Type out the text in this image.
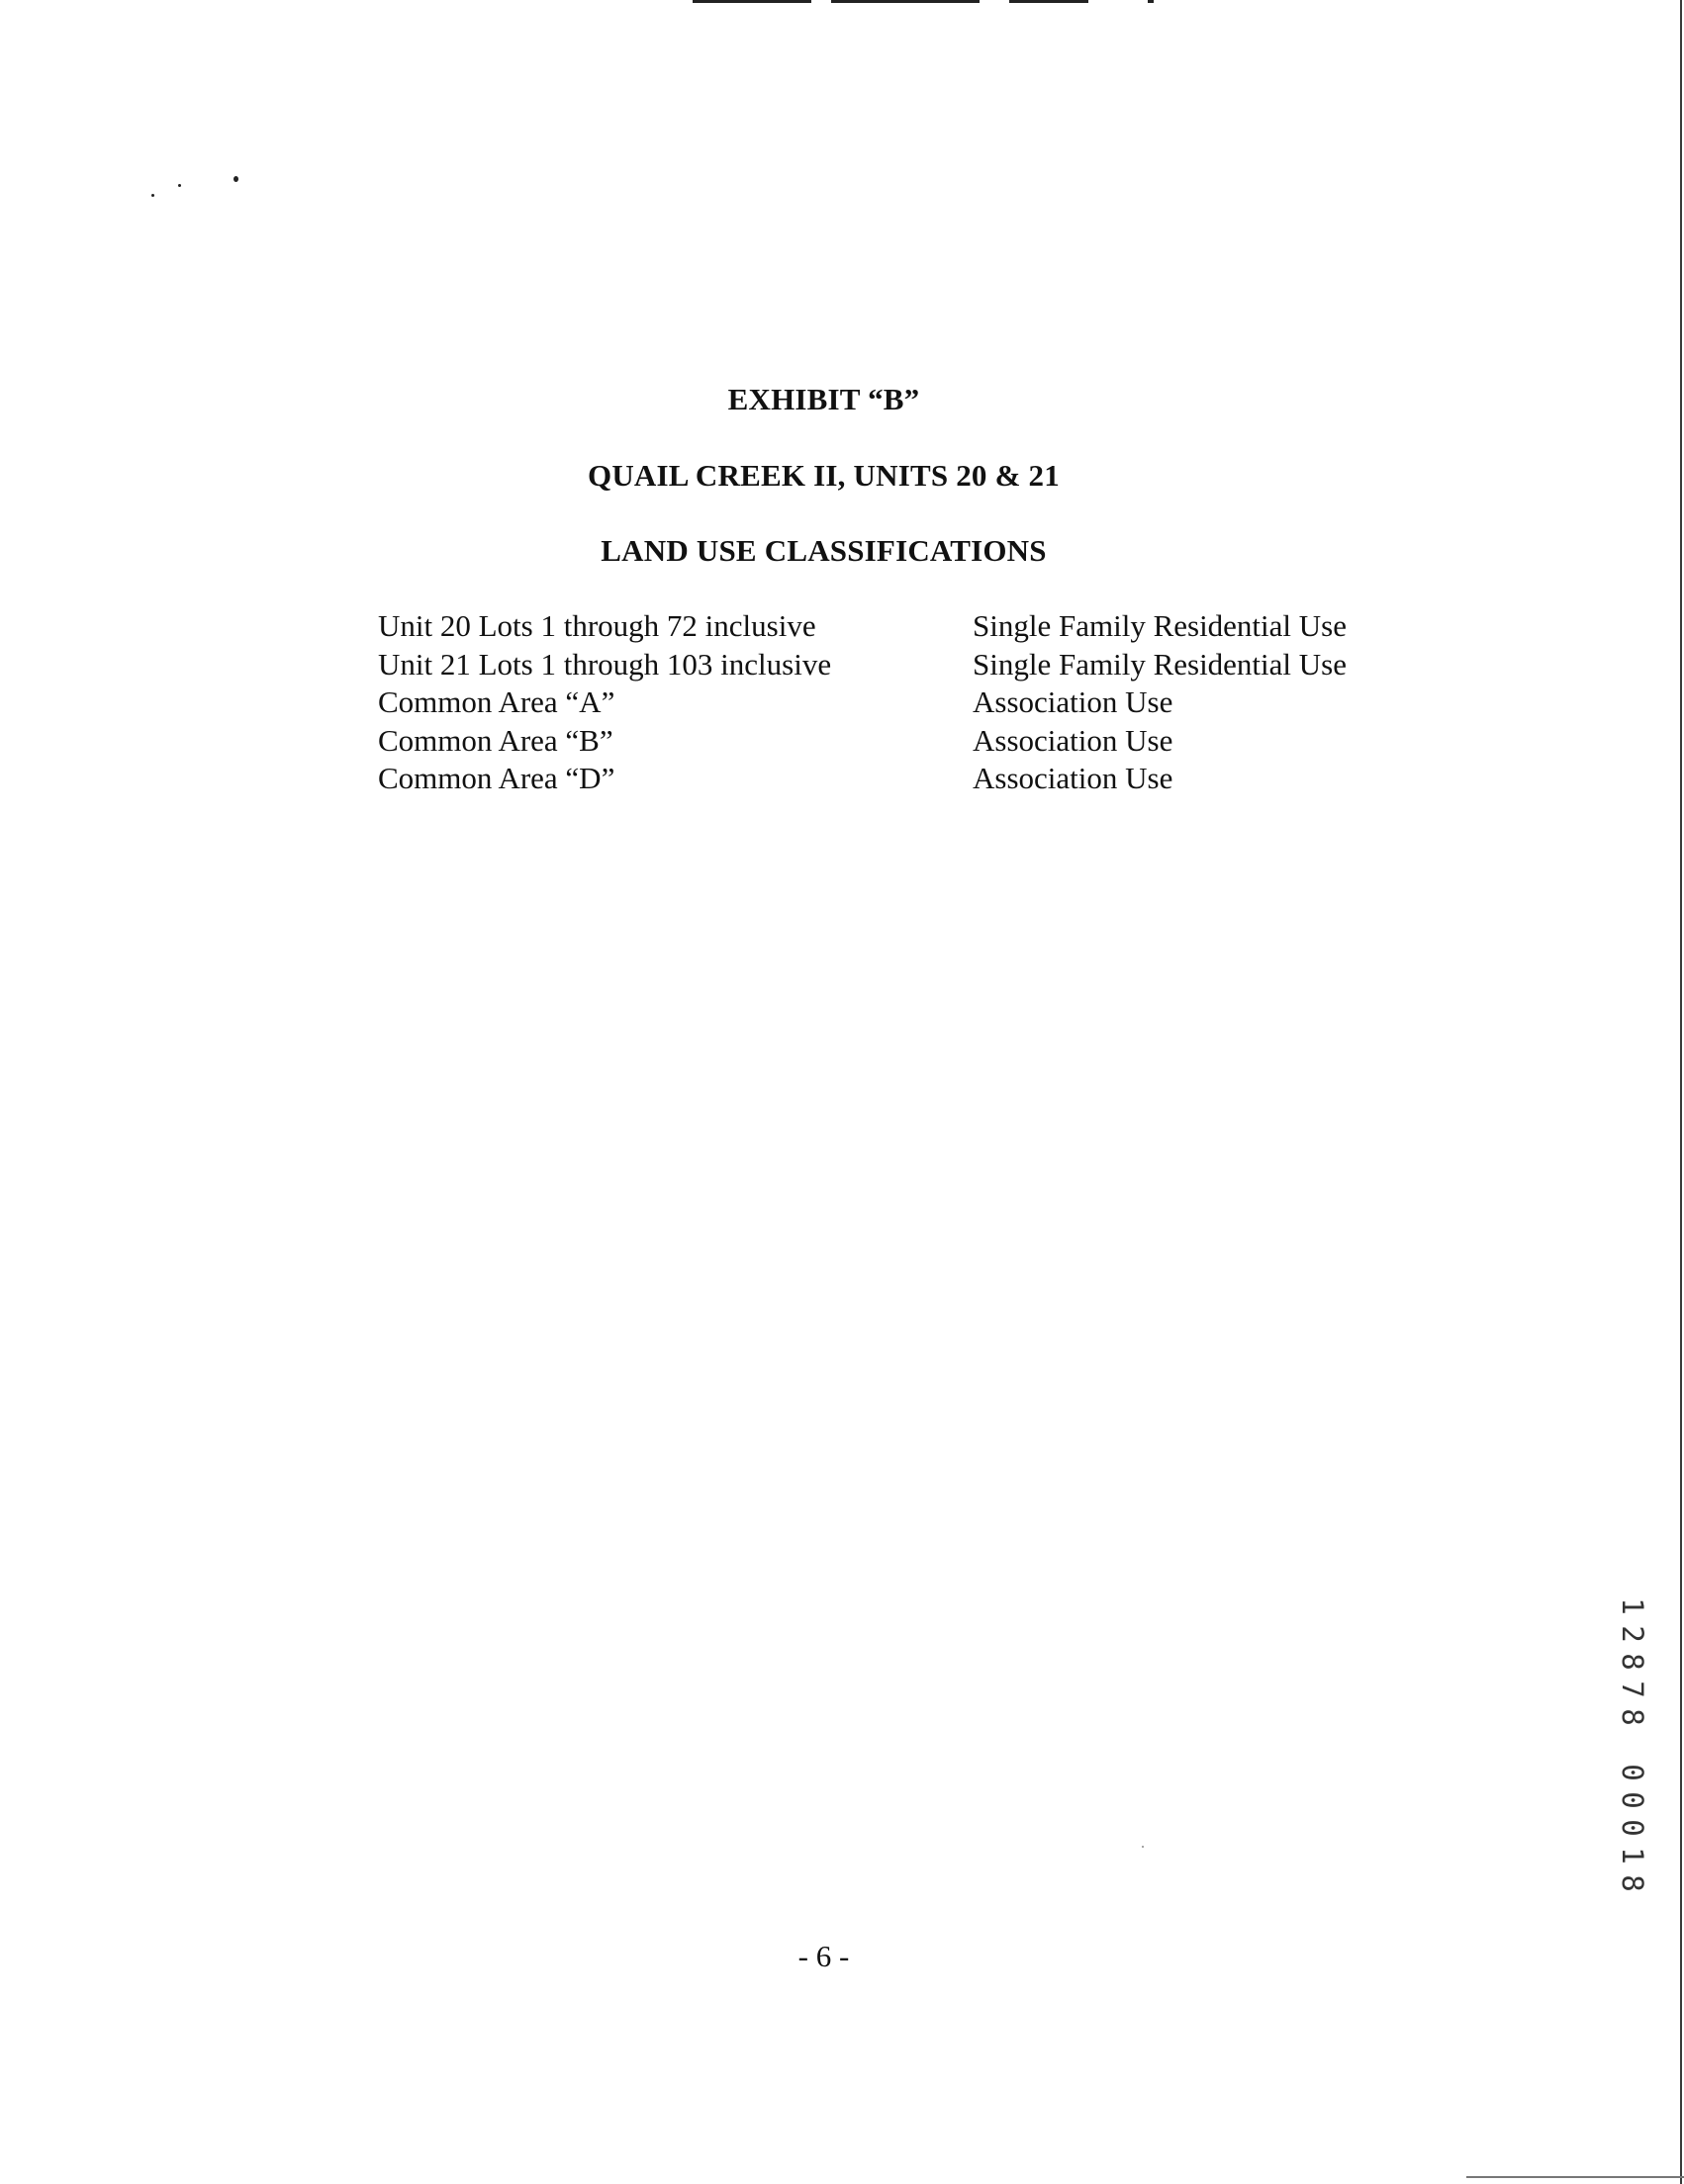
EXHIBIT “B”
QUAIL CREEK II, UNITS 20 & 21
LAND USE CLASSIFICATIONS
Unit 20 Lots 1 through 72 inclusive	Single Family Residential Use
Unit 21 Lots 1 through 103 inclusive	Single Family Residential Use
Common Area “A”	Association Use
Common Area “B”	Association Use
Common Area “D”	Association Use
1
2
8
7
8
0
0
0
1
8
- 6 -
